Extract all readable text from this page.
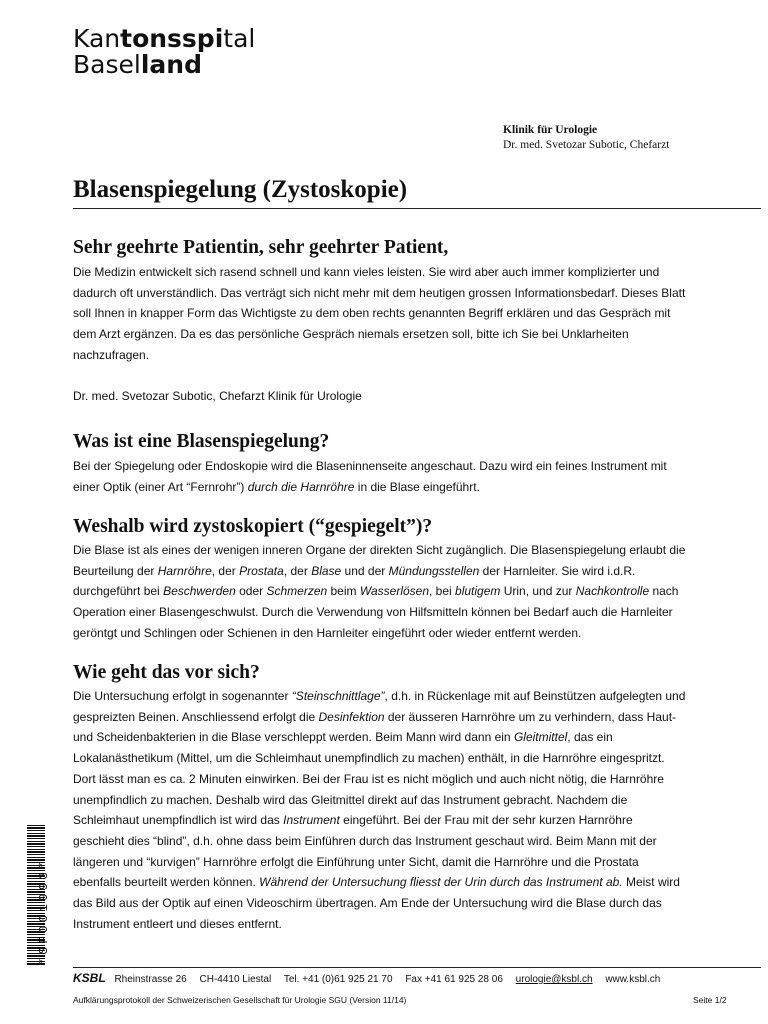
Kantonsspital
Baselland
Klinik für Urologie
Dr. med. Svetozar Subotic, Chefarzt
Blasenspiegelung (Zystoskopie)
Sehr geehrte Patientin, sehr geehrter Patient,
Die Medizin entwickelt sich rasend schnell und kann vieles leisten. Sie wird aber auch immer komplizierter und
dadurch oft unverständlich. Das verträgt sich nicht mehr mit dem heutigen grossen Informationsbedarf. Dieses Blatt
soll Ihnen in knapper Form das Wichtigste zu dem oben rechts genannten Begriff erklären und das Gespräch mit
dem Arzt ergänzen. Da es das persönliche Gespräch niemals ersetzen soll, bitte ich Sie bei Unklarheiten
nachzufragen.
Dr. med. Svetozar Subotic, Chefarzt Klinik für Urologie
Was ist eine Blasenspiegelung?
Bei der Spiegelung oder Endoskopie wird die Blaseninnenseite angeschaut. Dazu wird ein feines Instrument mit
einer Optik (einer Art “Fernrohr”) durch die Harnröhre in die Blase eingeführt.
Weshalb wird zystoskopiert (“gespiegelt”)?
Die Blase ist als eines der wenigen inneren Organe der direkten Sicht zugänglich. Die Blasenspiegelung erlaubt die
Beurteilung der Harnröhre, der Prostata, der Blase und der Mündungsstellen der Harnleiter. Sie wird i.d.R.
durchgeführt bei Beschwerden oder Schmerzen beim Wasserlösen, bei blutigem Urin, und zur Nachkontrolle nach
Operation einer Blasengeschwulst. Durch die Verwendung von Hilfsmitteln können bei Bedarf auch die Harnleiter
geröntgt und Schlingen oder Schienen in den Harnleiter eingeführt oder wieder entfernt werden.
Wie geht das vor sich?
Die Untersuchung erfolgt in sogenannter “Steinschnittlage”, d.h. in Rückenlage mit auf Beinstützen aufgelegten und
gespreizten Beinen. Anschliessend erfolgt die Desinfektion der äusseren Harnröhre um zu verhindern, dass Haut-
und Scheidenbakterien in die Blase verschleppt werden. Beim Mann wird dann ein Gleitmittel, das ein
Lokalanästhetikum (Mittel, um die Schleimhaut unempfindlich zu machen) enthält, in die Harnröhre eingespritzt.
Dort lässt man es ca. 2 Minuten einwirken. Bei der Frau ist es nicht möglich und auch nicht nötig, die Harnröhre
unempfindlich zu machen. Deshalb wird das Gleitmittel direkt auf das Instrument gebracht. Nachdem die
Schleimhaut unempfindlich ist wird das Instrument eingeführt. Bei der Frau mit der sehr kurzen Harnröhre
geschieht dies “blind”, d.h. ohne dass beim Einführen durch das Instrument geschaut wird. Beim Mann mit der
längeren und “kurvigen” Harnröhre erfolgt die Einführung unter Sicht, damit die Harnröhre und die Prostata
ebenfalls beurteilt werden können. Während der Untersuchung fliesst der Urin durch das Instrument ab. Meist wird
das Bild aus der Optik auf einen Videoschirm übertragen. Am Ende der Untersuchung wird die Blase durch das
Instrument entleert und dieses entfernt.
*SF001993*
KSBL Rheinstrasse 26 CH-4410 Liestal Tel. +41 (0)61 925 21 70 Fax +41 61 925 28 06 urologie@ksbl.ch www.ksbl.ch
Aufklärungsprotokoll der Schweizerischen Gesellschaft für Urologie SGU (Version 11/14)	Seite 1/2
